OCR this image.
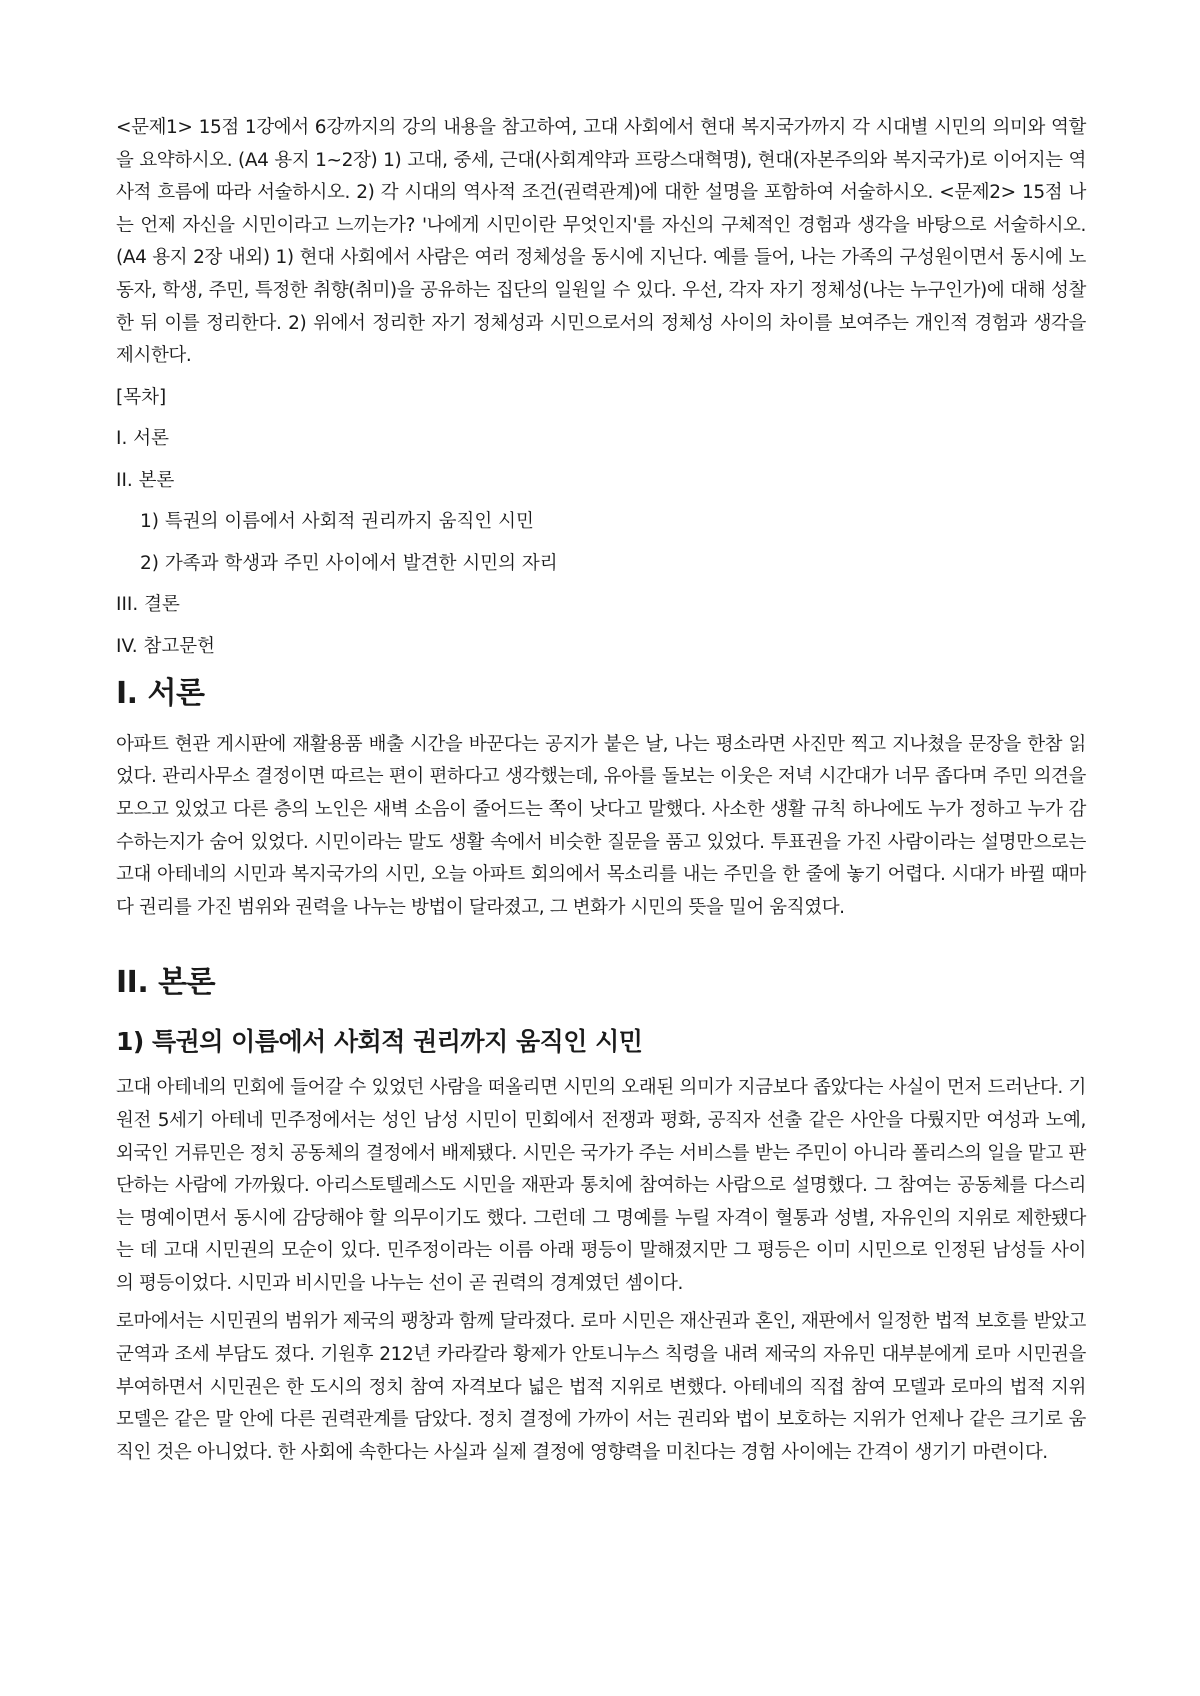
<문제1> 15점 1강에서 6강까지의 강의 내용을 참고하여, 고대 사회에서 현대 복지국가까지 각 시대별 시민의 의미와 역할을 요약하시오. (A4 용지 1~2장) 1) 고대, 중세, 근대(사회계약과 프랑스대혁명), 현대(자본주의와 복지국가)로 이어지는 역사적 흐름에 따라 서술하시오. 2) 각 시대의 역사적 조건(권력관계)에 대한 설명을 포함하여 서술하시오. <문제2> 15점 나는 언제 자신을 시민이라고 느끼는가? '나에게 시민이란 무엇인지'를 자신의 구체적인 경험과 생각을 바탕으로 서술하시오. (A4 용지 2장 내외) 1) 현대 사회에서 사람은 여러 정체성을 동시에 지닌다. 예를 들어, 나는 가족의 구성원이면서 동시에 노동자, 학생, 주민, 특정한 취향(취미)을 공유하는 집단의 일원일 수 있다. 우선, 각자 자기 정체성(나는 누구인가)에 대해 성찰한 뒤 이를 정리한다. 2) 위에서 정리한 자기 정체성과 시민으로서의 정체성 사이의 차이를 보여주는 개인적 경험과 생각을 제시한다.

[목차]

I. 서론
II. 본론
1) 특권의 이름에서 사회적 권리까지 움직인 시민
2) 가족과 학생과 주민 사이에서 발견한 시민의 자리
III. 결론
IV. 참고문헌
I. 서론

아파트 현관 게시판에 재활용품 배출 시간을 바꾼다는 공지가 붙은 날, 나는 평소라면 사진만 찍고 지나쳤을 문장을 한참 읽었다. 관리사무소 결정이면 따르는 편이 편하다고 생각했는데, 유아를 돌보는 이웃은 저녁 시간대가 너무 좁다며 주민 의견을 모으고 있었고 다른 층의 노인은 새벽 소음이 줄어드는 쪽이 낫다고 말했다. 사소한 생활 규칙 하나에도 누가 정하고 누가 감수하는지가 숨어 있었다. 시민이라는 말도 생활 속에서 비슷한 질문을 품고 있었다. 투표권을 가진 사람이라는 설명만으로는 고대 아테네의 시민과 복지국가의 시민, 오늘 아파트 회의에서 목소리를 내는 주민을 한 줄에 놓기 어렵다. 시대가 바뀔 때마다 권리를 가진 범위와 권력을 나누는 방법이 달라졌고, 그 변화가 시민의 뜻을 밀어 움직였다.

II. 본론
1) 특권의 이름에서 사회적 권리까지 움직인 시민

고대 아테네의 민회에 들어갈 수 있었던 사람을 떠올리면 시민의 오래된 의미가 지금보다 좁았다는 사실이 먼저 드러난다. 기원전 5세기 아테네 민주정에서는 성인 남성 시민이 민회에서 전쟁과 평화, 공직자 선출 같은 사안을 다뤘지만 여성과 노예, 외국인 거류민은 정치 공동체의 결정에서 배제됐다. 시민은 국가가 주는 서비스를 받는 주민이 아니라 폴리스의 일을 맡고 판단하는 사람에 가까웠다. 아리스토텔레스도 시민을 재판과 통치에 참여하는 사람으로 설명했다. 그 참여는 공동체를 다스리는 명예이면서 동시에 감당해야 할 의무이기도 했다. 그런데 그 명예를 누릴 자격이 혈통과 성별, 자유인의 지위로 제한됐다는 데 고대 시민권의 모순이 있다. 민주정이라는 이름 아래 평등이 말해졌지만 그 평등은 이미 시민으로 인정된 남성들 사이의 평등이었다. 시민과 비시민을 나누는 선이 곧 권력의 경계였던 셈이다.

로마에서는 시민권의 범위가 제국의 팽창과 함께 달라졌다. 로마 시민은 재산권과 혼인, 재판에서 일정한 법적 보호를 받았고 군역과 조세 부담도 졌다. 기원후 212년 카라칼라 황제가 안토니누스 칙령을 내려 제국의 자유민 대부분에게 로마 시민권을 부여하면서 시민권은 한 도시의 정치 참여 자격보다 넓은 법적 지위로 변했다. 아테네의 직접 참여 모델과 로마의 법적 지위 모델은 같은 말 안에 다른 권력관계를 담았다. 정치 결정에 가까이 서는 권리와 법이 보호하는 지위가 언제나 같은 크기로 움직인 것은 아니었다. 한 사회에 속한다는 사실과 실제 결정에 영향력을 미친다는 경험 사이에는 간격이 생기기 마련이다.
